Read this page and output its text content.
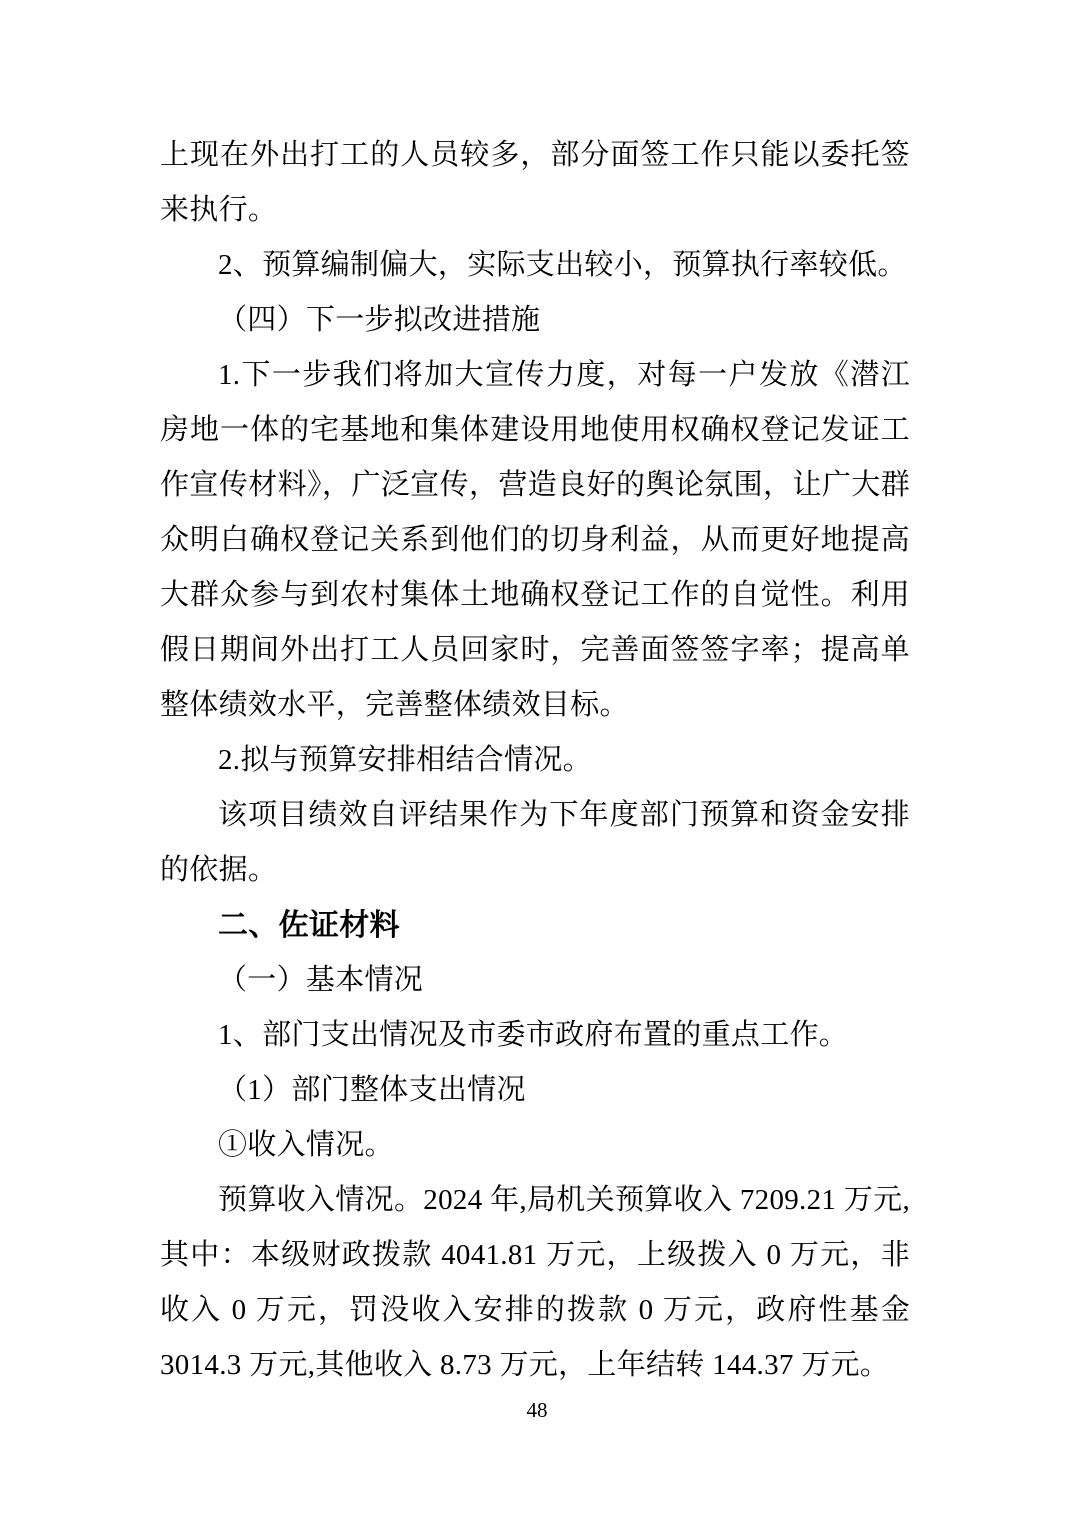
上现在外出打工的人员较多，部分面签工作只能以委托签
来执行。
2、预算编制偏大，实际支出较小，预算执行率较低。
（四）下一步拟改进措施
1.下一步我们将加大宣传力度，对每一户发放《潜江
房地一体的宅基地和集体建设用地使用权确权登记发证工
作宣传材料》，广泛宣传，营造良好的舆论氛围，让广大群
众明白确权登记关系到他们的切身利益，从而更好地提高
大群众参与到农村集体土地确权登记工作的自觉性。利用
假日期间外出打工人员回家时，完善面签签字率；提高单
整体绩效水平，完善整体绩效目标。
2.拟与预算安排相结合情况。
该项目绩效自评结果作为下年度部门预算和资金安排
的依据。
二、佐证材料
（一）基本情况
1、部门支出情况及市委市政府布置的重点工作。
（1）部门整体支出情况
①收入情况。
预算收入情况。2024 年,局机关预算收入 7209.21 万元,
其中：本级财政拨款 4041.81 万元，上级拨入 0 万元，非
收入 0 万元，罚没收入安排的拨款 0 万元，政府性基金
3014.3 万元,其他收入 8.73 万元，上年结转 144.37 万元。
48
